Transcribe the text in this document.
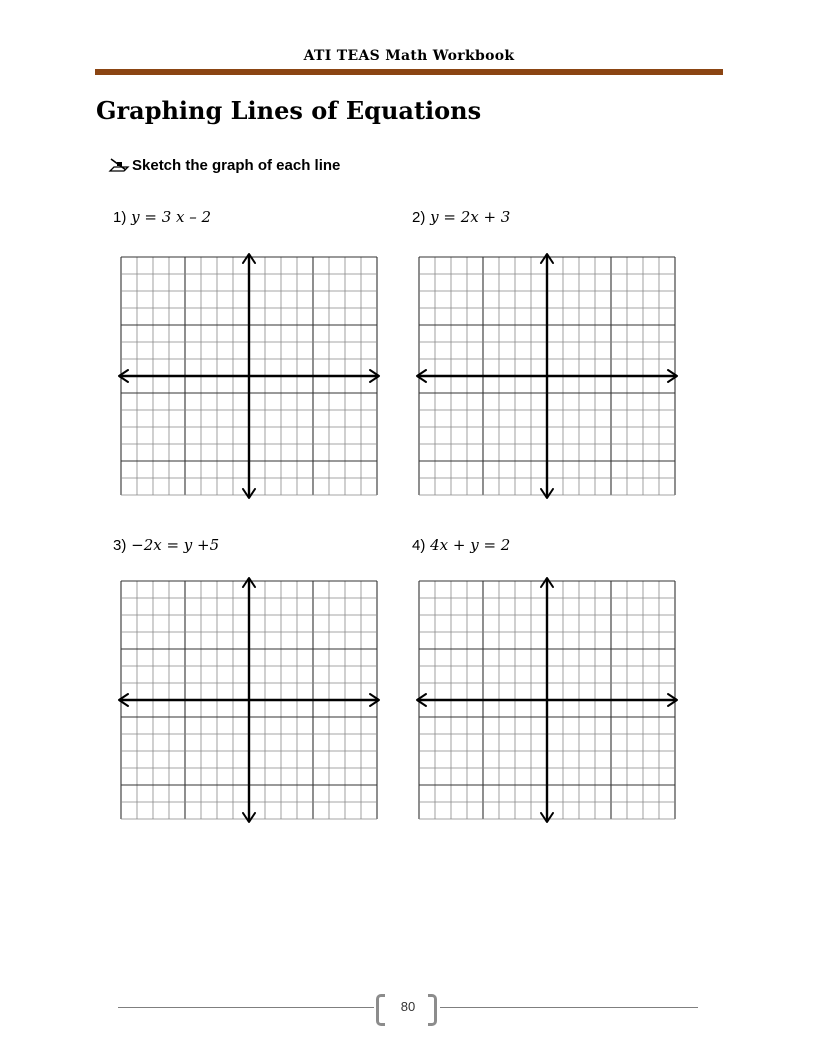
ATI TEAS Math Workbook
Graphing Lines of Equations
Sketch the graph of each line
1) y = 3 x – 2	2) y = 2x + 3
3) −2x = y +5	4) 4x + y = 2
80
